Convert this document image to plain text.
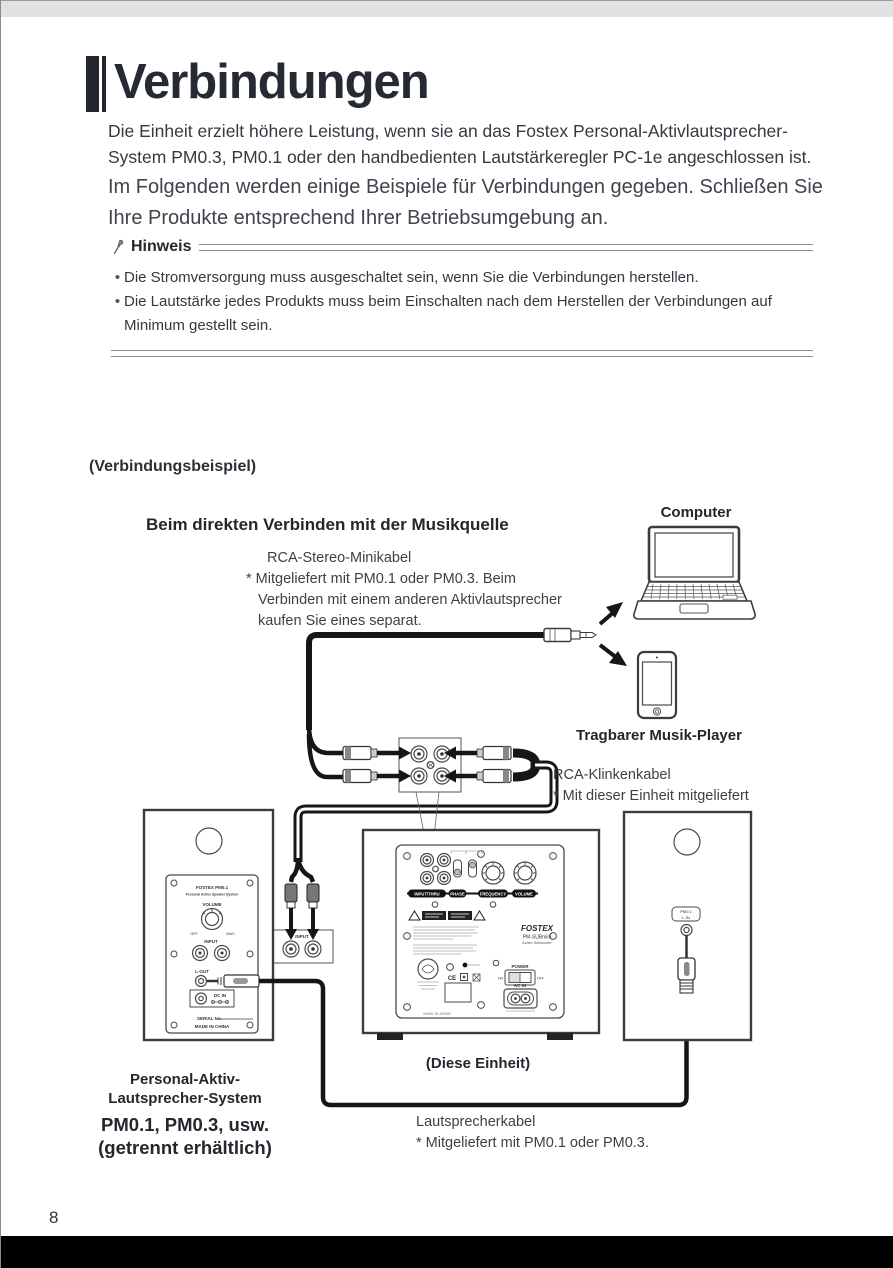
Verbindungen
Die Einheit erzielt höhere Leistung, wenn sie an das Fostex Personal-Aktivlautsprecher-
System PM0.3, PM0.1 oder den handbedienten Lautstärkeregler PC-1e angeschlossen ist.
Im Folgenden werden einige Beispiele für Verbindungen gegeben. Schließen Sie
Ihre Produkte entsprechend Ihrer Betriebsumgebung an.
Hinweis
• Die Stromversorgung muss ausgeschaltet sein, wenn Sie die Verbindungen herstellen.
• Die Lautstärke jedes Produkts muss beim Einschalten nach dem Herstellen der Verbindungen auf Minimum gestellt sein.
(Verbindungsbeispiel)
Beim direkten Verbinden mit der Musikquelle
Computer
Tragbarer Musik-Player
RCA-Stereo-Minikabel
* Mitgeliefert mit PM0.1 oder PM0.3. Beim
Verbinden mit einem anderen Aktivlautsprecher
kaufen Sie eines separat.
RCA-Klinkenkabel
* Mit dieser Einheit mitgeliefert
INPUT
FOSTEX PM0.1
Personal Active Speaker System
VOLUME
OFF	MAX.
INPUT
L-OUT
DC IN
SERIAL No.
MADE IN CHINA
INPUT/THRU	PHASE	FREQUENCY VOLUME
FOSTEX
PM-SUBmini
Active Subwoofer
CE
POWER
ON	OFF
AC IN
MADE IN JAPAN
PM0.1
L-IN
(Diese Einheit)
Personal-Aktiv-
Lautsprecher-System
PM0.1, PM0.3, usw.
(getrennt erhältlich)
Lautsprecherkabel
* Mitgeliefert mit PM0.1 oder PM0.3.
8
